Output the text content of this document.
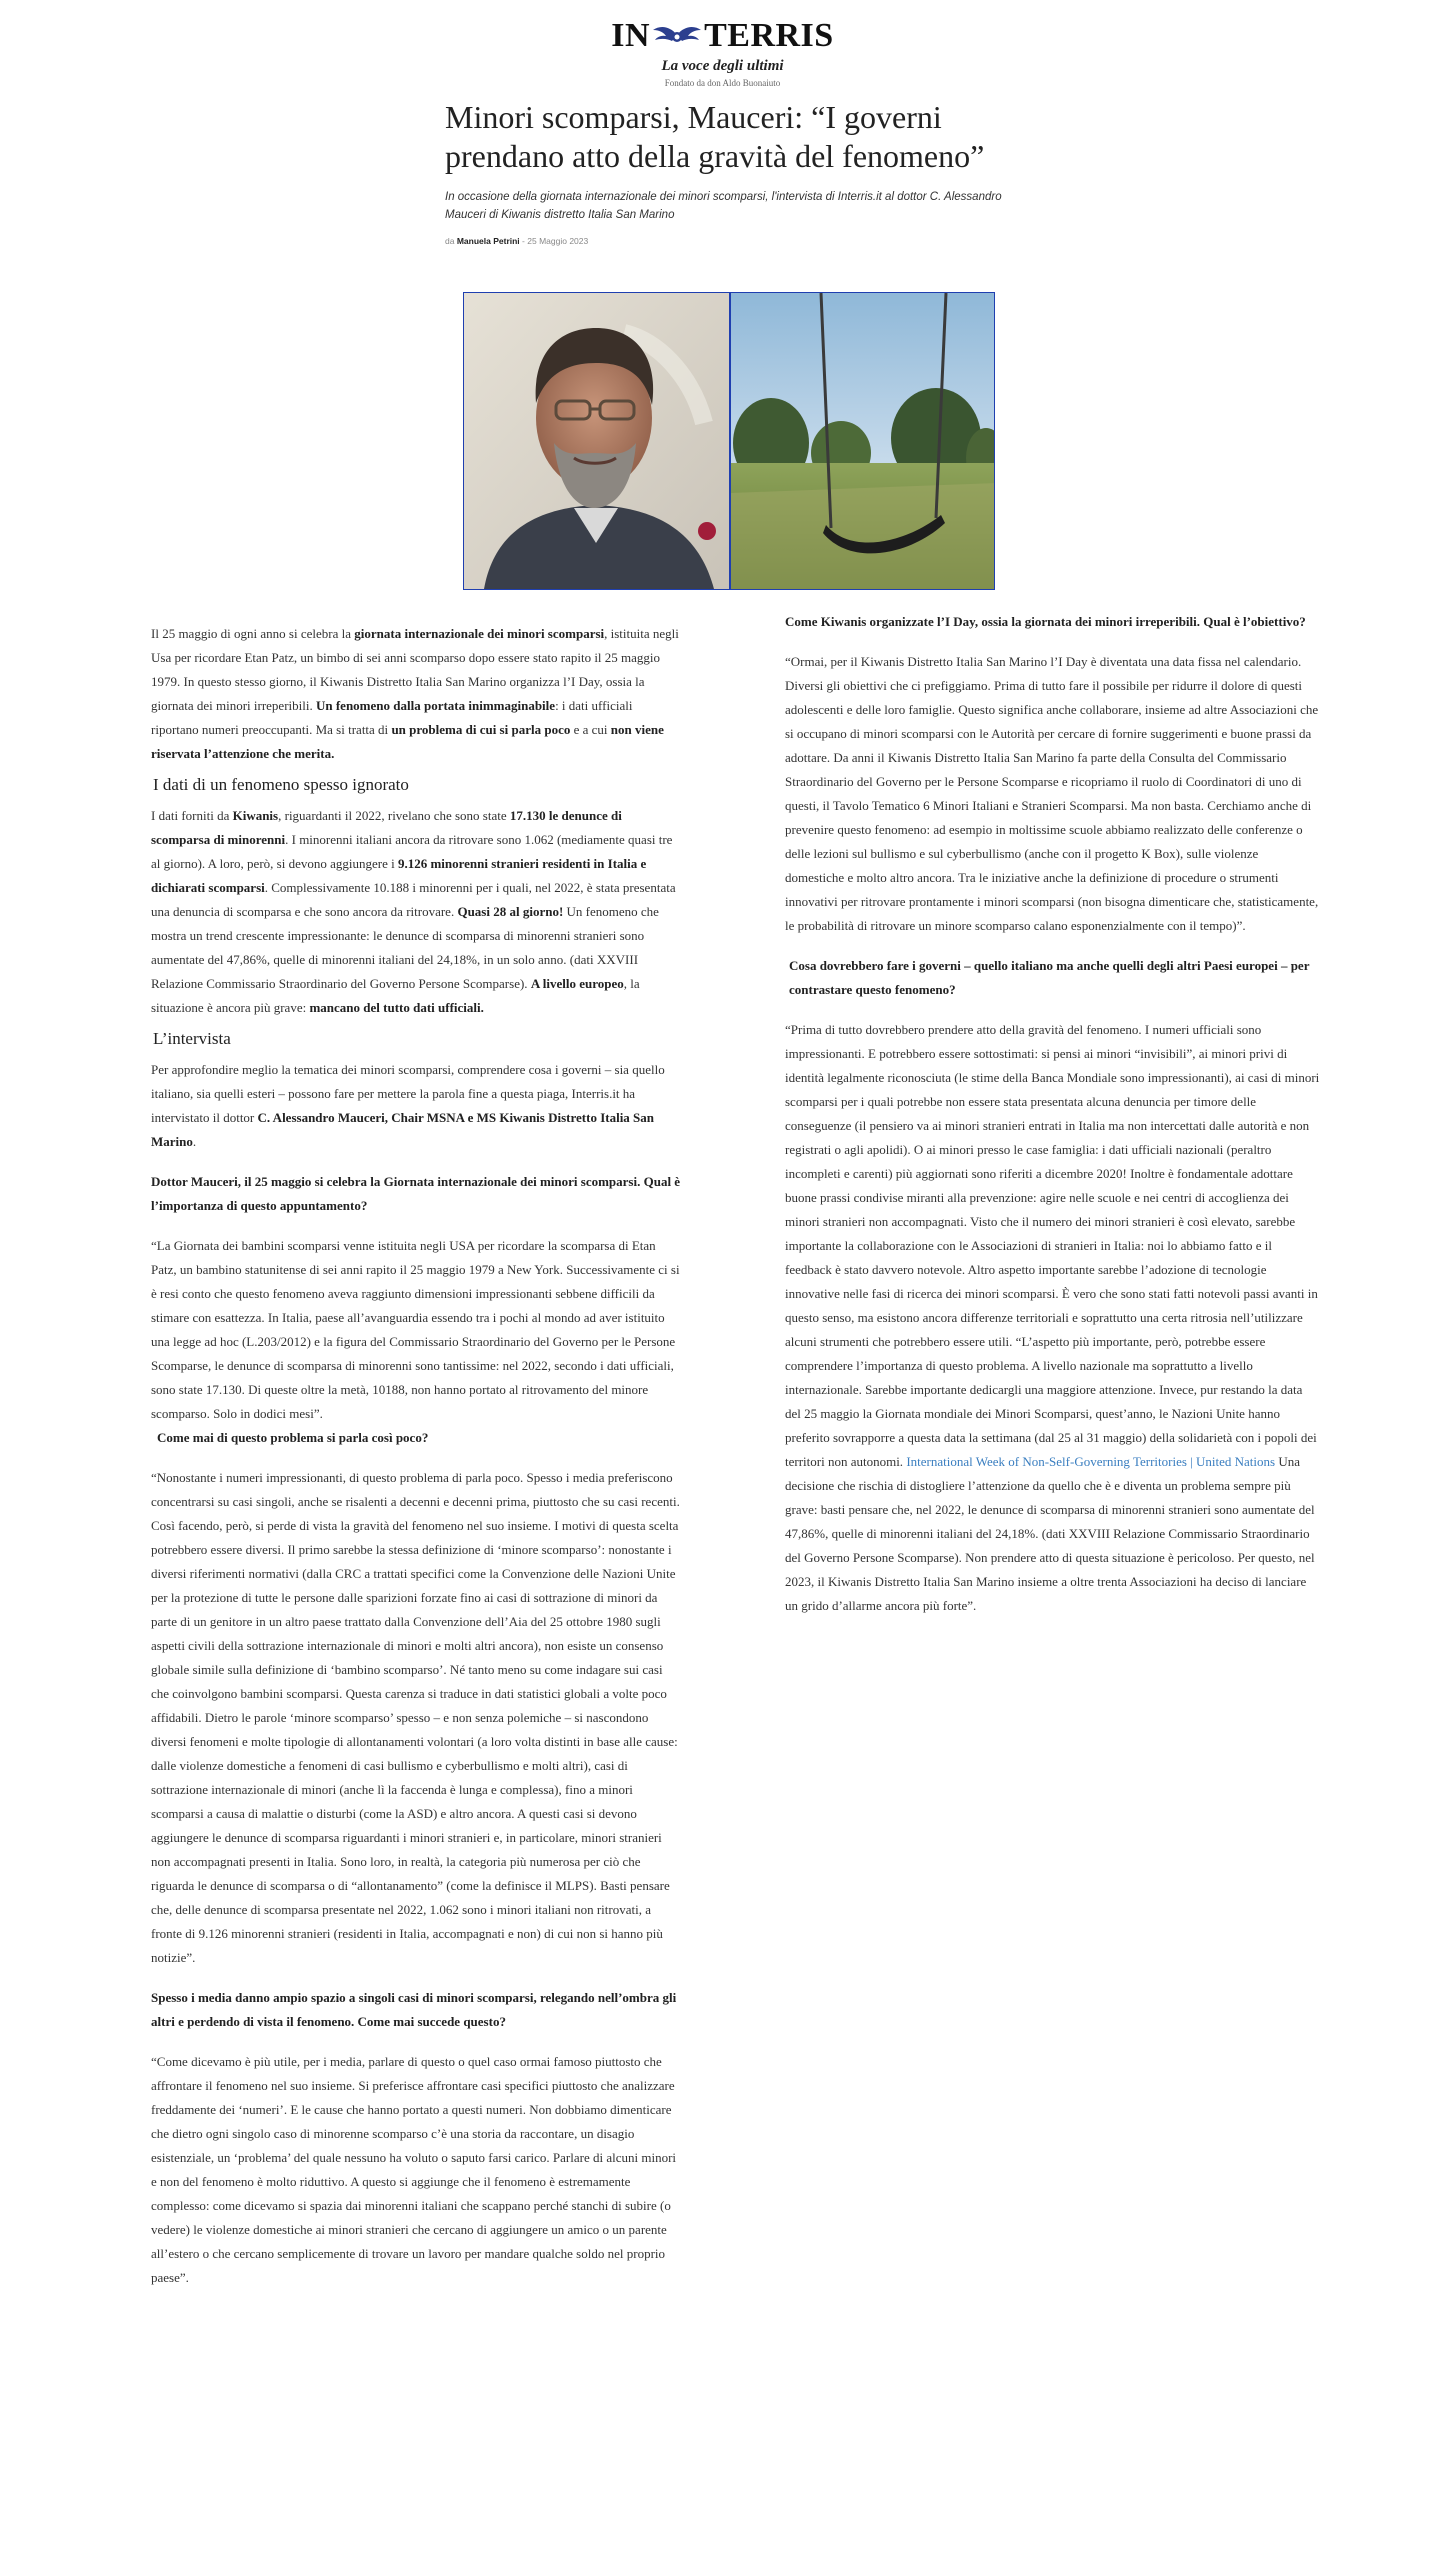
IN TERRIS
La voce degli ultimi
Fondato da don Aldo Buonaiuto
Minori scomparsi, Mauceri: “I governi prendano atto della gravità del fenomeno”
In occasione della giornata internazionale dei minori scomparsi, l'intervista di Interris.it al dottor C. Alessandro Mauceri di Kiwanis distretto Italia San Marino
da Manuela Petrini - 25 Maggio 2023

Il 25 maggio di ogni anno si celebra la giornata internazionale dei minori scomparsi, istituita negli Usa per ricordare Etan Patz, un bimbo di sei anni scomparso dopo essere stato rapito il 25 maggio 1979. In questo stesso giorno, il Kiwanis Distretto Italia San Marino organizza l’I Day, ossia la giornata dei minori irreperibili. Un fenomeno dalla portata inimmaginabile: i dati ufficiali riportano numeri preoccupanti. Ma si tratta di un problema di cui si parla poco e a cui non viene riservata l’attenzione che merita.

I dati di un fenomeno spesso ignorato

I dati forniti da Kiwanis, riguardanti il 2022, rivelano che sono state 17.130 le denunce di scomparsa di minorenni. I minorenni italiani ancora da ritrovare sono 1.062 (mediamente quasi tre al giorno). A loro, però, si devono aggiungere i 9.126 minorenni stranieri residenti in Italia e dichiarati scomparsi. Complessivamente 10.188 i minorenni per i quali, nel 2022, è stata presentata una denuncia di scomparsa e che sono ancora da ritrovare. Quasi 28 al giorno! Un fenomeno che mostra un trend crescente impressionante: le denunce di scomparsa di minorenni stranieri sono aumentate del 47,86%, quelle di minorenni italiani del 24,18%, in un solo anno. (dati XXVIII Relazione Commissario Straordinario del Governo Persone Scomparse). A livello europeo, la situazione è ancora più grave: mancano del tutto dati ufficiali.

L’intervista

Per approfondire meglio la tematica dei minori scomparsi, comprendere cosa i governi – sia quello italiano, sia quelli esteri – possono fare per mettere la parola fine a questa piaga, Interris.it ha intervistato il dottor C. Alessandro Mauceri, Chair MSNA e MS Kiwanis Distretto Italia San Marino.

Dottor Mauceri, il 25 maggio si celebra la Giornata internazionale dei minori scomparsi. Qual è l’importanza di questo appuntamento?

“La Giornata dei bambini scomparsi venne istituita negli USA per ricordare la scomparsa di Etan Patz, un bambino statunitense di sei anni rapito il 25 maggio 1979 a New York. Successivamente ci si è resi conto che questo fenomeno aveva raggiunto dimensioni impressionanti sebbene difficili da stimare con esattezza. In Italia, paese all’avanguardia essendo tra i pochi al mondo ad aver istituito una legge ad hoc (L.203/2012) e la figura del Commissario Straordinario del Governo per le Persone Scomparse, le denunce di scomparsa di minorenni sono tantissime: nel 2022, secondo i dati ufficiali, sono state 17.130. Di queste oltre la metà, 10188, non hanno portato al ritrovamento del minore scomparso. Solo in dodici mesi”.

Come mai di questo problema si parla così poco?

“Nonostante i numeri impressionanti, di questo problema di parla poco. Spesso i media preferiscono concentrarsi su casi singoli, anche se risalenti a decenni e decenni prima, piuttosto che su casi recenti. Così facendo, però, si perde di vista la gravità del fenomeno nel suo insieme. I motivi di questa scelta potrebbero essere diversi. Il primo sarebbe la stessa definizione di ‘minore scomparso’: nonostante i diversi riferimenti normativi (dalla CRC a trattati specifici come la Convenzione delle Nazioni Unite per la protezione di tutte le persone dalle sparizioni forzate fino ai casi di sottrazione di minori da parte di un genitore in un altro paese trattato dalla Convenzione dell’Aia del 25 ottobre 1980 sugli aspetti civili della sottrazione internazionale di minori e molti altri ancora), non esiste un consenso globale simile sulla definizione di ‘bambino scomparso’. Né tanto meno su come indagare sui casi che coinvolgono bambini scomparsi. Questa carenza si traduce in dati statistici globali a volte poco affidabili. Dietro le parole ‘minore scomparso’ spesso – e non senza polemiche – si nascondono diversi fenomeni e molte tipologie di allontanamenti volontari (a loro volta distinti in base alle cause: dalle violenze domestiche a fenomeni di casi bullismo e cyberbullismo e molti altri), casi di sottrazione internazionale di minori (anche lì la faccenda è lunga e complessa), fino a minori scomparsi a causa di malattie o disturbi (come la ASD) e altro ancora. A questi casi si devono aggiungere le denunce di scomparsa riguardanti i minori stranieri e, in particolare, minori stranieri non accompagnati presenti in Italia. Sono loro, in realtà, la categoria più numerosa per ciò che riguarda le denunce di scomparsa o di “allontanamento” (come la definisce il MLPS). Basti pensare che, delle denunce di scomparsa presentate nel 2022, 1.062 sono i minori italiani non ritrovati, a fronte di 9.126 minorenni stranieri (residenti in Italia, accompagnati e non) di cui non si hanno più notizie”.

Spesso i media danno ampio spazio a singoli casi di minori scomparsi, relegando nell’ombra gli altri e perdendo di vista il fenomeno. Come mai succede questo?

“Come dicevamo è più utile, per i media, parlare di questo o quel caso ormai famoso piuttosto che affrontare il fenomeno nel suo insieme. Si preferisce affrontare casi specifici piuttosto che analizzare freddamente dei ‘numeri’. E le cause che hanno portato a questi numeri. Non dobbiamo dimenticare che dietro ogni singolo caso di minorenne scomparso c’è una storia da raccontare, un disagio esistenziale, un ‘problema’ del quale nessuno ha voluto o saputo farsi carico. Parlare di alcuni minori e non del fenomeno è molto riduttivo. A questo si aggiunge che il fenomeno è estremamente complesso: come dicevamo si spazia dai minorenni italiani che scappano perché stanchi di subire (o vedere) le violenze domestiche ai minori stranieri che cercano di aggiungere un amico o un parente all’estero o che cercano semplicemente di trovare un lavoro per mandare qualche soldo nel proprio paese”.

Come Kiwanis organizzate l’I Day, ossia la giornata dei minori irreperibili. Qual è l’obiettivo?

“Ormai, per il Kiwanis Distretto Italia San Marino l’I Day è diventata una data fissa nel calendario. Diversi gli obiettivi che ci prefiggiamo. Prima di tutto fare il possibile per ridurre il dolore di questi adolescenti e delle loro famiglie. Questo significa anche collaborare, insieme ad altre Associazioni che si occupano di minori scomparsi con le Autorità per cercare di fornire suggerimenti e buone prassi da adottare. Da anni il Kiwanis Distretto Italia San Marino fa parte della Consulta del Commissario Straordinario del Governo per le Persone Scomparse e ricopriamo il ruolo di Coordinatori di uno di questi, il Tavolo Tematico 6 Minori Italiani e Stranieri Scomparsi. Ma non basta. Cerchiamo anche di prevenire questo fenomeno: ad esempio in moltissime scuole abbiamo realizzato delle conferenze o delle lezioni sul bullismo e sul cyberbullismo (anche con il progetto K Box), sulle violenze domestiche e molto altro ancora. Tra le iniziative anche la definizione di procedure o strumenti innovativi per ritrovare prontamente i minori scomparsi (non bisogna dimenticare che, statisticamente, le probabilità di ritrovare un minore scomparso calano esponenzialmente con il tempo)”.

Cosa dovrebbero fare i governi – quello italiano ma anche quelli degli altri Paesi europei – per contrastare questo fenomeno?

“Prima di tutto dovrebbero prendere atto della gravità del fenomeno. I numeri ufficiali sono impressionanti. E potrebbero essere sottostimati: si pensi ai minori “invisibili”, ai minori privi di identità legalmente riconosciuta (le stime della Banca Mondiale sono impressionanti), ai casi di minori scomparsi per i quali potrebbe non essere stata presentata alcuna denuncia per timore delle conseguenze (il pensiero va ai minori stranieri entrati in Italia ma non intercettati dalle autorità e non registrati o agli apolidi). O ai minori presso le case famiglia: i dati ufficiali nazionali (peraltro incompleti e carenti) più aggiornati sono riferiti a dicembre 2020! Inoltre è fondamentale adottare buone prassi condivise miranti alla prevenzione: agire nelle scuole e nei centri di accoglienza dei minori stranieri non accompagnati. Visto che il numero dei minori stranieri è così elevato, sarebbe importante la collaborazione con le Associazioni di stranieri in Italia: noi lo abbiamo fatto e il feedback è stato davvero notevole. Altro aspetto importante sarebbe l’adozione di tecnologie innovative nelle fasi di ricerca dei minori scomparsi. È vero che sono stati fatti notevoli passi avanti in questo senso, ma esistono ancora differenze territoriali e soprattutto una certa ritrosia nell’utilizzare alcuni strumenti che potrebbero essere utili. “L’aspetto più importante, però, potrebbe essere comprendere l’importanza di questo problema. A livello nazionale ma soprattutto a livello internazionale. Sarebbe importante dedicargli una maggiore attenzione. Invece, pur restando la data del 25 maggio la Giornata mondiale dei Minori Scomparsi, quest’anno, le Nazioni Unite hanno preferito sovrapporre a questa data la settimana (dal 25 al 31 maggio) della solidarietà con i popoli dei territori non autonomi. International Week of Non-Self-Governing Territories | United Nations Una decisione che rischia di distogliere l’attenzione da quello che è e diventa un problema sempre più grave: basti pensare che, nel 2022, le denunce di scomparsa di minorenni stranieri sono aumentate del 47,86%, quelle di minorenni italiani del 24,18%. (dati XXVIII Relazione Commissario Straordinario del Governo Persone Scomparse). Non prendere atto di questa situazione è pericoloso. Per questo, nel 2023, il Kiwanis Distretto Italia San Marino insieme a oltre trenta Associazioni ha deciso di lanciare un grido d’allarme ancora più forte”.
